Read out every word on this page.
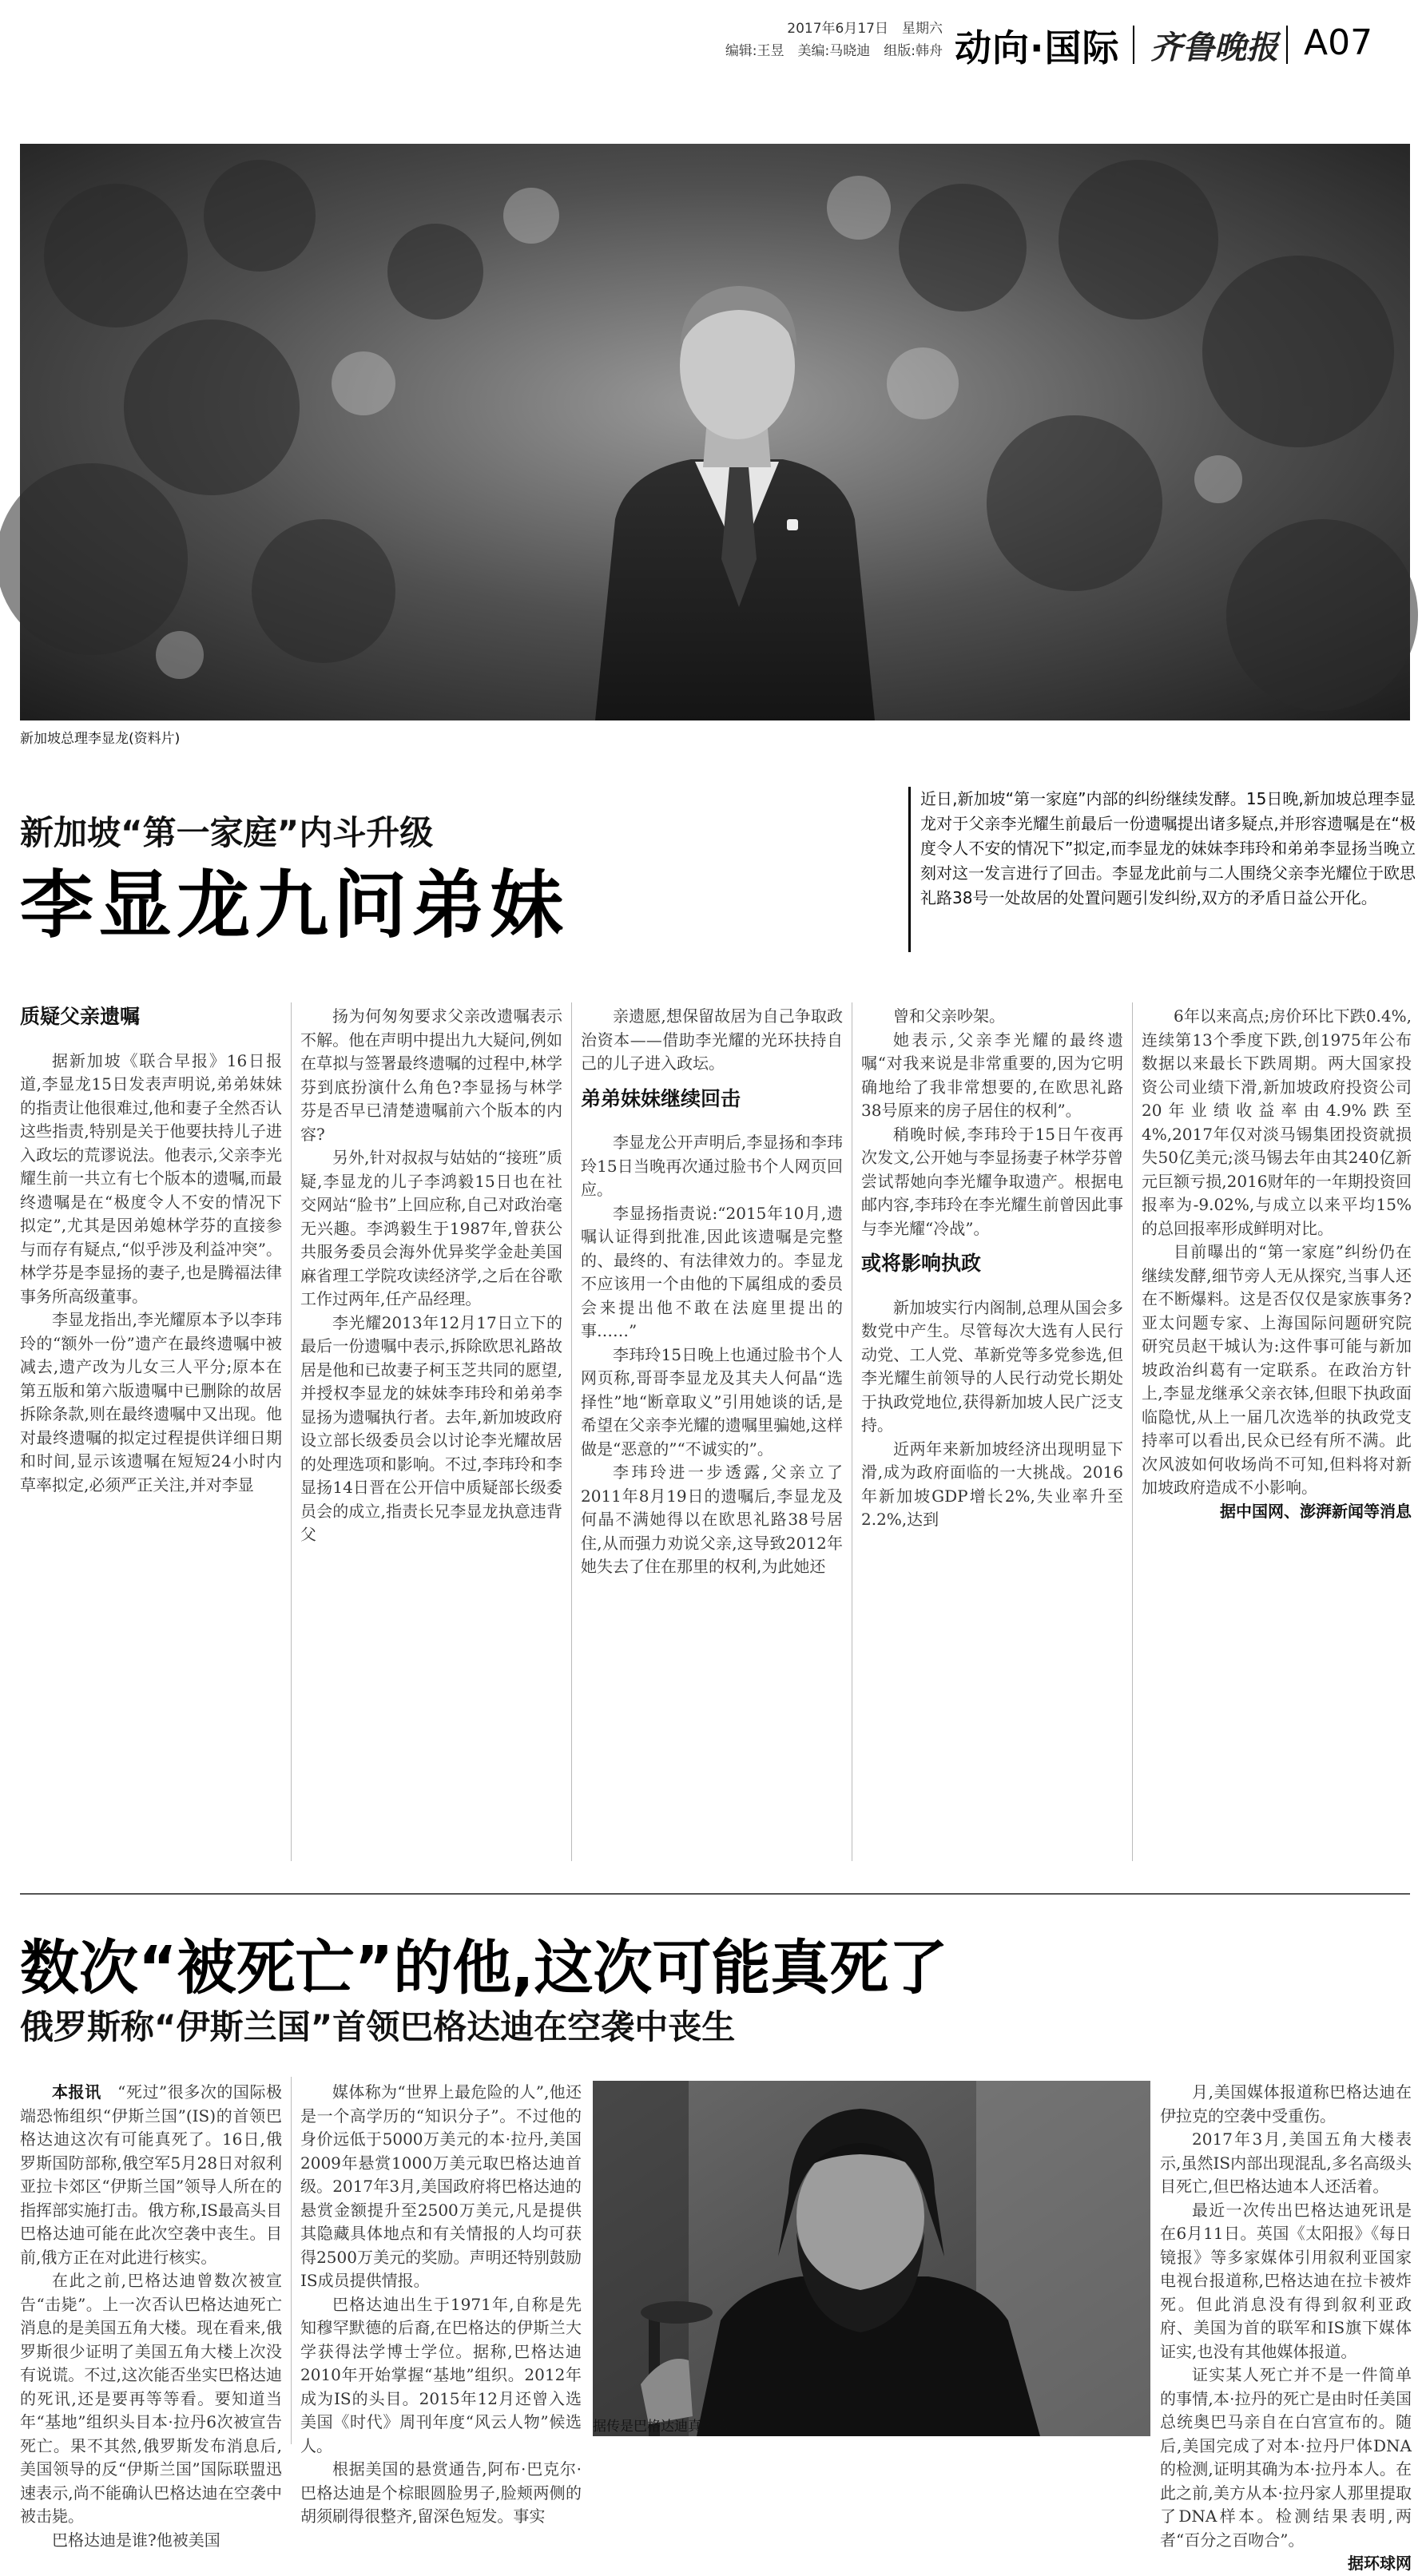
2017年6月17日　星期六
编辑:王昱　美编:马晓迪　组版:韩舟 动向·国际 齐鲁晚报 A07
新加坡总理李显龙(资料片)
新加坡“第一家庭”内斗升级
李显龙九问弟妹
近日,新加坡“第一家庭”内部的纠纷继续发酵。15日晚,新加坡总理李显龙对于父亲李光耀生前最后一份遗嘱提出诸多疑点,并形容遗嘱是在“极度令人不安的情况下”拟定,而李显龙的妹妹李玮玲和弟弟李显扬当晚立刻对这一发言进行了回击。李显龙此前与二人围绕父亲李光耀位于欧思礼路38号一处故居的处置问题引发纠纷,双方的矛盾日益公开化。

质疑父亲遗嘱

据新加坡《联合早报》16日报道,李显龙15日发表声明说,弟弟妹妹的指责让他很难过,他和妻子全然否认这些指责,特别是关于他要扶持儿子进入政坛的荒谬说法。他表示,父亲李光耀生前一共立有七个版本的遗嘱,而最终遗嘱是在“极度令人不安的情况下拟定”,尤其是因弟媳林学芬的直接参与而存有疑点,“似乎涉及利益冲突”。林学芬是李显扬的妻子,也是腾福法律事务所高级董事。

李显龙指出,李光耀原本予以李玮玲的“额外一份”遗产在最终遗嘱中被减去,遗产改为儿女三人平分;原本在第五版和第六版遗嘱中已删除的故居拆除条款,则在最终遗嘱中又出现。他对最终遗嘱的拟定过程提供详细日期和时间,显示该遗嘱在短短24小时内草率拟定,必须严正关注,并对李显

扬为何匆匆要求父亲改遗嘱表示不解。他在声明中提出九大疑问,例如在草拟与签署最终遗嘱的过程中,林学芬到底扮演什么角色?李显扬与林学芬是否早已清楚遗嘱前六个版本的内容?

另外,针对叔叔与姑姑的“接班”质疑,李显龙的儿子李鸿毅15日也在社交网站“脸书”上回应称,自己对政治毫无兴趣。李鸿毅生于1987年,曾获公共服务委员会海外优异奖学金赴美国麻省理工学院攻读经济学,之后在谷歌工作过两年,任产品经理。

李光耀2013年12月17日立下的最后一份遗嘱中表示,拆除欧思礼路故居是他和已故妻子柯玉芝共同的愿望,并授权李显龙的妹妹李玮玲和弟弟李显扬为遗嘱执行者。去年,新加坡政府设立部长级委员会以讨论李光耀故居的处理选项和影响。不过,李玮玲和李显扬14日晋在公开信中质疑部长级委员会的成立,指责长兄李显龙执意违背父

亲遗愿,想保留故居为自己争取政治资本——借助李光耀的光环扶持自己的儿子进入政坛。

弟弟妹妹继续回击

李显龙公开声明后,李显扬和李玮玲15日当晚再次通过脸书个人网页回应。

李显扬指责说:“2015年10月,遗嘱认证得到批准,因此该遗嘱是完整的、最终的、有法律效力的。李显龙不应该用一个由他的下属组成的委员会来提出他不敢在法庭里提出的事……”

李玮玲15日晚上也通过脸书个人网页称,哥哥李显龙及其夫人何晶“选择性”地“断章取义”引用她谈的话,是希望在父亲李光耀的遗嘱里骗她,这样做是“恶意的”“不诚实的”。

李玮玲进一步透露,父亲立了2011年8月19日的遗嘱后,李显龙及何晶不满她得以在欧思礼路38号居住,从而强力劝说父亲,这导致2012年她失去了住在那里的权利,为此她还

曾和父亲吵架。

她表示,父亲李光耀的最终遗嘱“对我来说是非常重要的,因为它明确地给了我非常想要的,在欧思礼路38号原来的房子居住的权利”。

稍晚时候,李玮玲于15日午夜再次发文,公开她与李显扬妻子林学芬曾尝试帮她向李光耀争取遗产。根据电邮内容,李玮玲在李光耀生前曾因此事与李光耀“冷战”。

或将影响执政

新加坡实行内阁制,总理从国会多数党中产生。尽管每次大选有人民行动党、工人党、革新党等多党参选,但李光耀生前领导的人民行动党长期处于执政党地位,获得新加坡人民广泛支持。

近两年来新加坡经济出现明显下滑,成为政府面临的一大挑战。2016年新加坡GDP增长2%,失业率升至2.2%,达到

6年以来高点;房价环比下跌0.4%,连续第13个季度下跌,创1975年公布数据以来最长下跌周期。两大国家投资公司业绩下滑,新加坡政府投资公司20年业绩收益率由4.9%跌至4%,2017年仅对淡马锡集团投资就损失50亿美元;淡马锡去年由其240亿新元巨额亏损,2016财年的一年期投资回报率为-9.02%,与成立以来平均15%的总回报率形成鲜明对比。

目前曝出的“第一家庭”纠纷仍在继续发酵,细节旁人无从探究,当事人还在不断爆料。这是否仅仅是家族事务?亚太问题专家、上海国际问题研究院研究员赵干城认为:这件事可能与新加坡政治纠葛有一定联系。在政治方针上,李显龙继承父亲衣钵,但眼下执政面临隐忧,从上一届几次选举的执政党支持率可以看出,民众已经有所不满。此次风波如何收场尚不可知,但料将对新加坡政府造成不小影响。

据中国网、澎湃新闻等消息

数次“被死亡”的他,这次可能真死了
俄罗斯称“伊斯兰国”首领巴格达迪在空袭中丧生
据传是巴格达迪真容的照片。

本报讯　 “死过”很多次的国际极端恐怖组织“伊斯兰国”(IS)的首领巴格达迪这次有可能真死了。16日,俄罗斯国防部称,俄空军5月28日对叙利亚拉卡郊区“伊斯兰国”领导人所在的指挥部实施打击。俄方称,IS最高头目巴格达迪可能在此次空袭中丧生。目前,俄方正在对此进行核实。

在此之前,巴格达迪曾数次被宣告“击毙”。上一次否认巴格达迪死亡消息的是美国五角大楼。现在看来,俄罗斯很少证明了美国五角大楼上次没有说谎。不过,这次能否坐实巴格达迪的死讯,还是要再等等看。要知道当年“基地”组织头目本·拉丹6次被宣告死亡。果不其然,俄罗斯发布消息后,美国领导的反“伊斯兰国”国际联盟迅速表示,尚不能确认巴格达迪在空袭中被击毙。

巴格达迪是谁?他被美国

媒体称为“世界上最危险的人”,他还是一个高学历的“知识分子”。不过他的身价远低于5000万美元的本·拉丹,美国2009年悬赏1000万美元取巴格达迪首级。2017年3月,美国政府将巴格达迪的悬赏金额提升至2500万美元,凡是提供其隐藏具体地点和有关情报的人均可获得2500万美元的奖励。声明还特别鼓励IS成员提供情报。

巴格达迪出生于1971年,自称是先知穆罕默德的后裔,在巴格达的伊斯兰大学获得法学博士学位。据称,巴格达迪2010年开始掌握“基地”组织。2012年成为IS的头目。2015年12月还曾入选美国《时代》周刊年度“风云人物”候选人。

根据美国的悬赏通告,阿布·巴克尔·巴格达迪是个棕眼圆脸男子,脸颊两侧的胡须刷得很整齐,留深色短发。事实

月,美国媒体报道称巴格达迪在伊拉克的空袭中受重伤。

2017年3月,美国五角大楼表示,虽然IS内部出现混乱,多名高级头目死亡,但巴格达迪本人还活着。

最近一次传出巴格达迪死讯是在6月11日。英国《太阳报》《每日镜报》等多家媒体引用叙利亚国家电视台报道称,巴格达迪在拉卡被炸死。但此消息没有得到叙利亚政府、美国为首的联军和IS旗下媒体证实,也没有其他媒体报道。

证实某人死亡并不是一件简单的事情,本·拉丹的死亡是由时任美国总统奥巴马亲自在白宫宣布的。随后,美国完成了对本·拉丹尸体DNA的检测,证明其确为本·拉丹本人。在此之前,美方从本·拉丹家人那里提取了DNA样本。检测结果表明,两者“百分之百吻合”。

据环球网
